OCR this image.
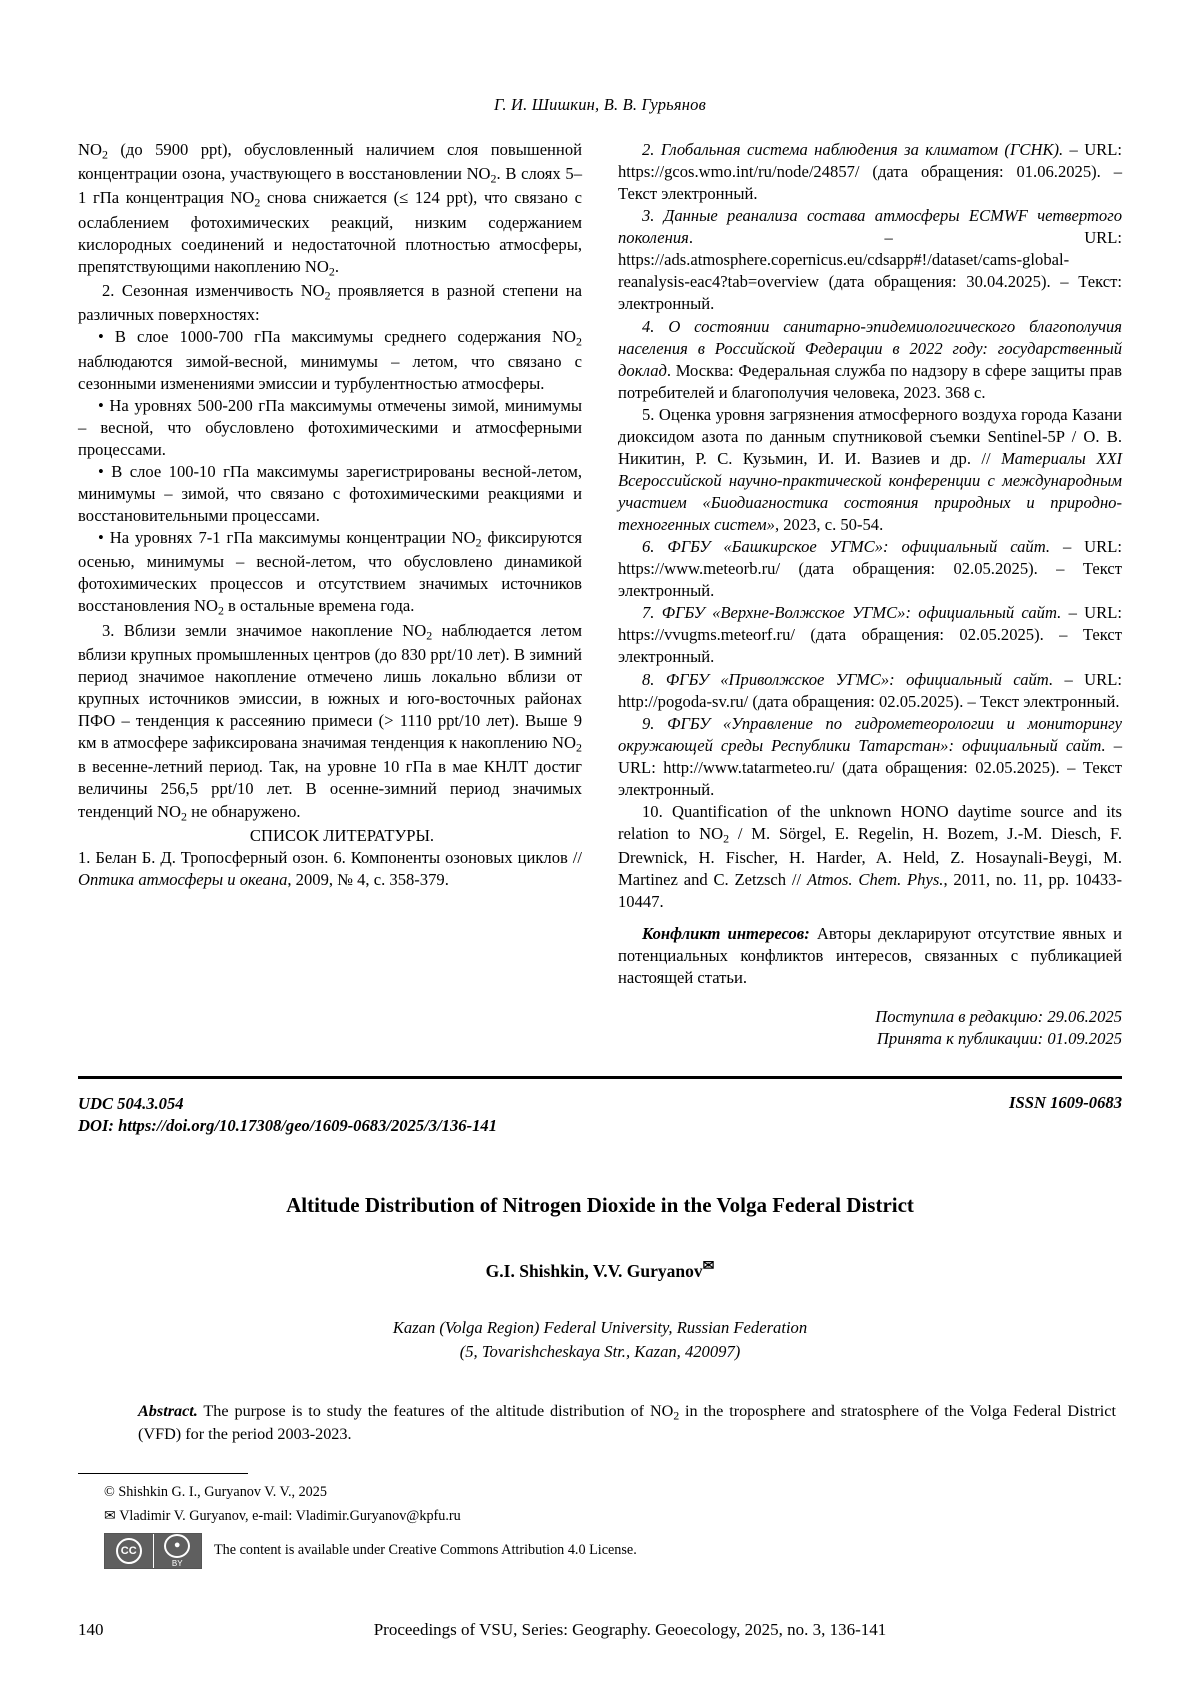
Г. И. Шишкин, В. В. Гурьянов

$NO_2$ (до 5900 ppt), обусловленный наличием слоя повышенной концентрации озона, участвующего в восстановлении $NO_2$. В слоях 5–1 гПа концентрация $NO_2$ снова снижается (≤ 124 ppt), что связано с ослаблением фотохимических реакций, низким содержанием кислородных соединений и недостаточной плотностью атмосферы, препятствующими накоплению $NO_2$.

2. Сезонная изменчивость $NO_2$ проявляется в разной степени на различных поверхностях:

• В слое 1000-700 гПа максимумы среднего содержания $NO_2$ наблюдаются зимой-весной, минимумы – летом, что связано с сезонными изменениями эмиссии и турбулентностью атмосферы.

• На уровнях 500-200 гПа максимумы отмечены зимой, минимумы – весной, что обусловлено фотохимическими и атмосферными процессами.

• В слое 100-10 гПа максимумы зарегистрированы весной-летом, минимумы – зимой, что связано с фотохимическими реакциями и восстановительными процессами.

• На уровнях 7-1 гПа максимумы концентрации $NO_2$ фиксируются осенью, минимумы – весной-летом, что обусловлено динамикой фотохимических процессов и отсутствием значимых источников восстановления $NO_2$ в остальные времена года.

3. Вблизи земли значимое накопление $NO_2$ наблюдается летом вблизи крупных промышленных центров (до 830 ppt/10 лет). В зимний период значимое накопление отмечено лишь локально вблизи от крупных источников эмиссии, в южных и юго-восточных районах ПФО – тенденция к рассеянию примеси (> 1110 ppt/10 лет). Выше 9 км в атмосфере зафиксирована значимая тенденция к накоплению $NO_2$ в весенне-летний период. Так, на уровне 10 гПа в мае КНЛТ достиг величины 256,5 ppt/10 лет. В осенне-зимний период значимых тенденций $NO_2$ не обнаружено.

СПИСОК ЛИТЕРАТУРЫ.

1. Белан Б. Д. Тропосферный озон. 6. Компоненты озоновых циклов // Оптика атмосферы и океана, 2009, № 4, с. 358-379.

2. Глобальная система наблюдения за климатом (ГСНК). – URL: https://gcos.wmo.int/ru/node/24857/ (дата обращения: 01.06.2025). – Текст электронный.

3. Данные реанализа состава атмосферы ECMWF четвертого поколения. – URL: https://ads.atmosphere.copernicus.eu/cdsapp#!/dataset/cams-global-reanalysis-eac4?tab=overview (дата обращения: 30.04.2025). – Текст: электронный.

4. О состоянии санитарно-эпидемиологического благополучия населения в Российской Федерации в 2022 году: государственный доклад. Москва: Федеральная служба по надзору в сфере защиты прав потребителей и благополучия человека, 2023. 368 с.

5. Оценка уровня загрязнения атмосферного воздуха города Казани диоксидом азота по данным спутниковой съемки Sentinel-5P / О. В. Никитин, Р. С. Кузьмин, И. И. Вазиев и др. // Материалы XXI Всероссийской научно-практической конференции с международным участием «Биодиагностика состояния природных и природно-техногенных систем», 2023, с. 50-54.

6. ФГБУ «Башкирское УГМС»: официальный сайт. – URL: https://www.meteorb.ru/ (дата обращения: 02.05.2025). – Текст электронный.

7. ФГБУ «Верхне-Волжское УГМС»: официальный сайт. – URL: https://vvugms.meteorf.ru/ (дата обращения: 02.05.2025). – Текст электронный.

8. ФГБУ «Приволжское УГМС»: официальный сайт. – URL: http://pogoda-sv.ru/ (дата обращения: 02.05.2025). – Текст электронный.

9. ФГБУ «Управление по гидрометеорологии и мониторингу окружающей среды Республики Татарстан»: официальный сайт. – URL: http://www.tatarmeteo.ru/ (дата обращения: 02.05.2025). – Текст электронный.

10. Quantification of the unknown HONO daytime source and its relation to $NO_2$ / M. Sörgel, E. Regelin, H. Bozem, J.-M. Diesch, F. Drewnick, H. Fischer, H. Harder, A. Held, Z. Hosaynali-Beygi, M. Martinez and C. Zetzsch // Atmos. Chem. Phys., 2011, no. 11, pp. 10433-10447.

Конфликт интересов: Авторы декларируют отсутствие явных и потенциальных конфликтов интересов, связанных с публикацией настоящей статьи.

Поступила в редакцию: 29.06.2025

Принята к публикации: 01.09.2025

UDC 504.3.054
DOI: https://doi.org/10.17308/geo/1609-0683/2025/3/136-141
ISSN 1609-0683
Altitude Distribution of Nitrogen Dioxide in the Volga Federal District
G.I. Shishkin, V.V. Guryanov✉
Kazan (Volga Region) Federal University, Russian Federation
(5, Tovarishcheskaya Str., Kazan, 420097)
Abstract. The purpose is to study the features of the altitude distribution of $NO_2$ in the troposphere and stratosphere of the Volga Federal District (VFD) for the period 2003-2023.
© Shishkin G. I., Guryanov V. V., 2025
✉ Vladimir V. Guryanov, e-mail: Vladimir.Guryanov@kpfu.ru
CC	●
BY
The content is available under Creative Commons Attribution 4.0 License.
140	Proceedings of VSU, Series: Geography. Geoecology, 2025, no. 3, 136-141
